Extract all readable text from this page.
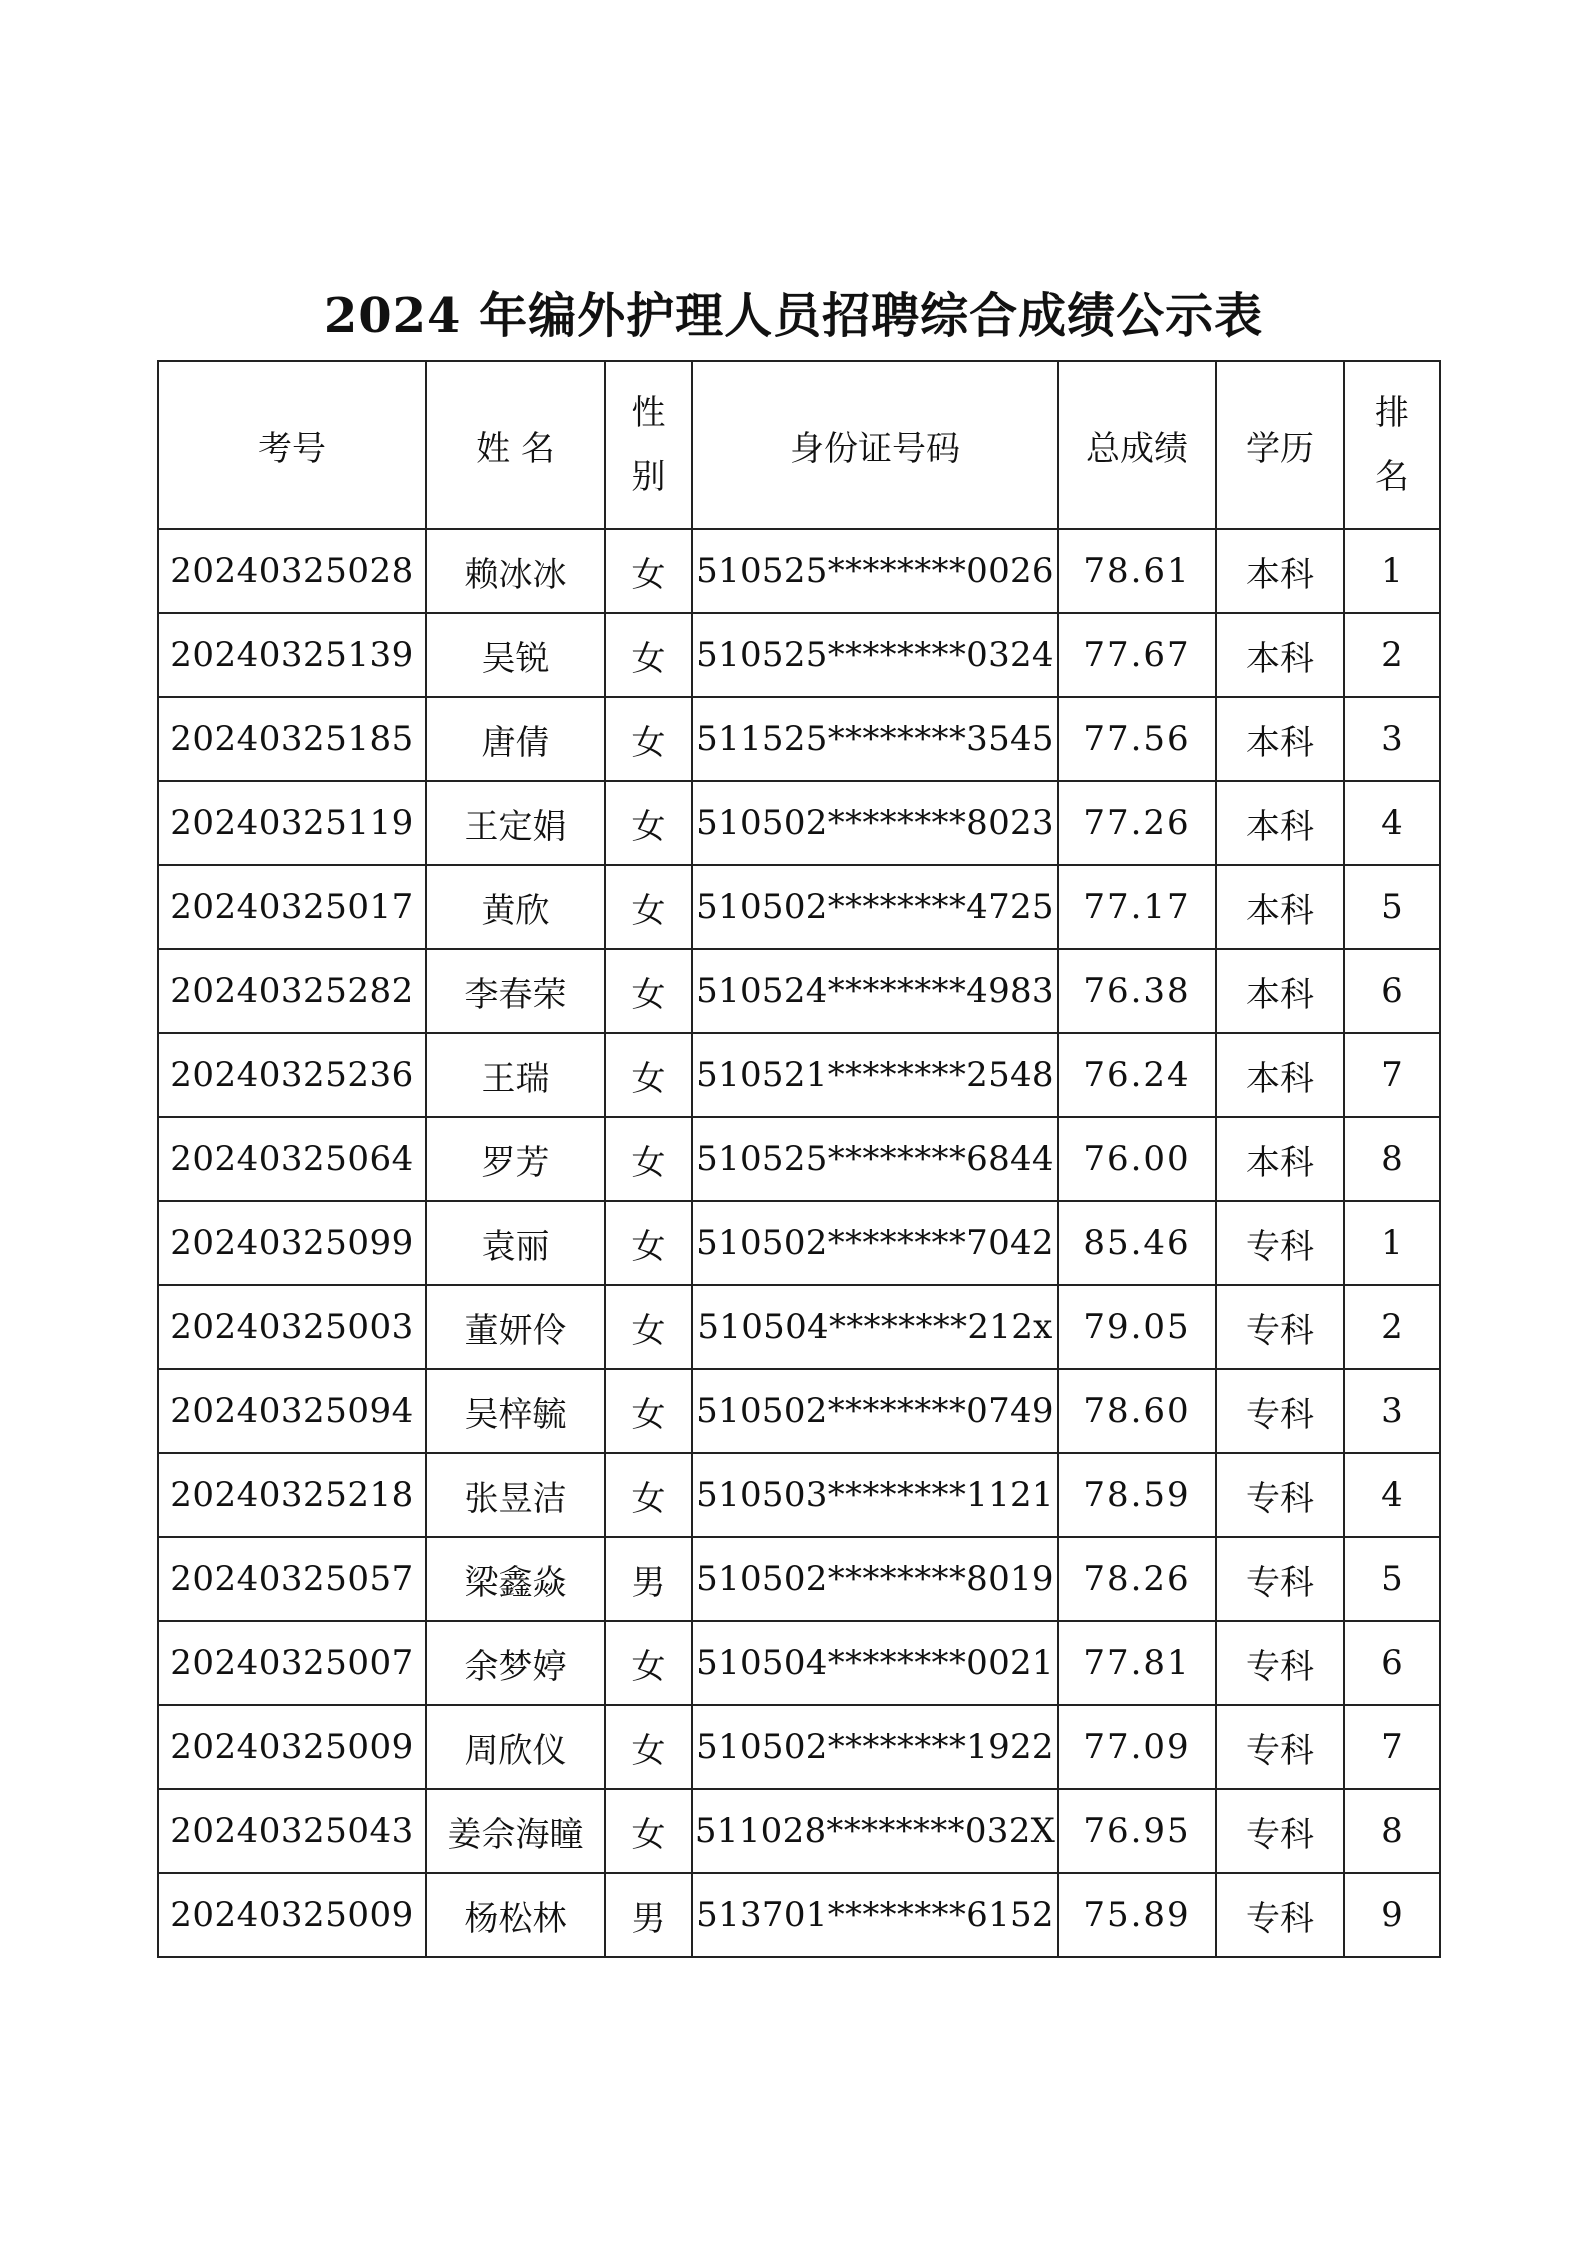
2024 年编外护理人员招聘综合成绩公示表
考号	姓 名	性别	身份证号码	总成绩	学历	排名

20240325028	赖冰冰	女	510525********0026	78.61	本科	1
20240325139	吴锐	女	510525********0324	77.67	本科	2
20240325185	唐倩	女	511525********3545	77.56	本科	3
20240325119	王定娟	女	510502********8023	77.26	本科	4
20240325017	黄欣	女	510502********4725	77.17	本科	5
20240325282	李春荣	女	510524********4983	76.38	本科	6
20240325236	王瑞	女	510521********2548	76.24	本科	7
20240325064	罗芳	女	510525********6844	76.00	本科	8
20240325099	袁丽	女	510502********7042	85.46	专科	1
20240325003	董妍伶	女	510504********212x	79.05	专科	2
20240325094	吴梓毓	女	510502********0749	78.60	专科	3
20240325218	张昱洁	女	510503********1121	78.59	专科	4
20240325057	梁鑫焱	男	510502********8019	78.26	专科	5
20240325007	余梦婷	女	510504********0021	77.81	专科	6
20240325009	周欣仪	女	510502********1922	77.09	专科	7
20240325043	姜佘海瞳	女	511028********032X	76.95	专科	8
20240325009	杨松林	男	513701********6152	75.89	专科	9
